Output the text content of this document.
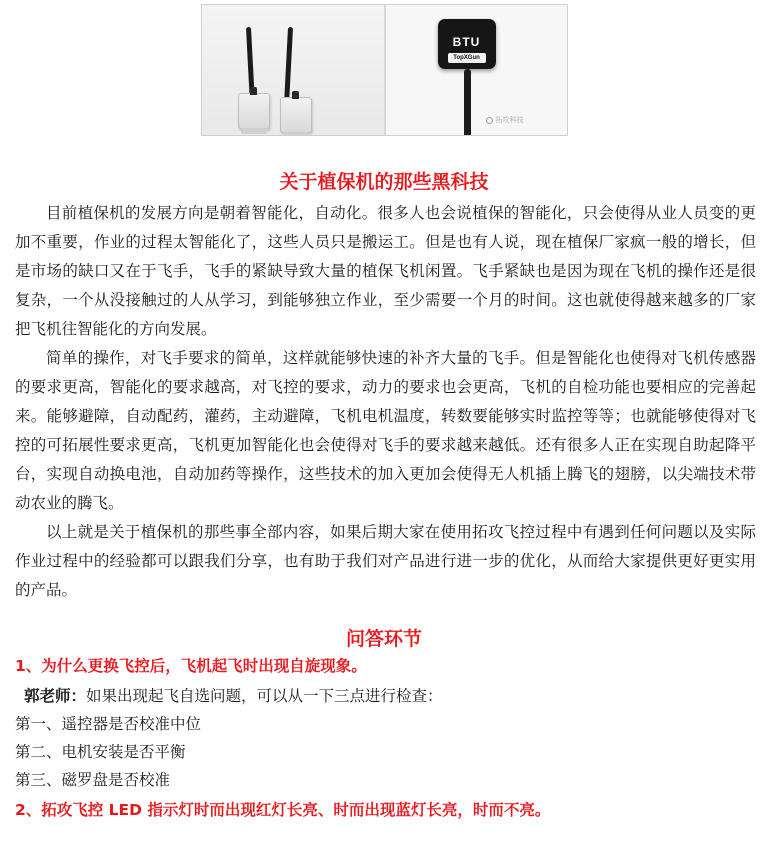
BTU
TopXGun
拓攻科技
关于植保机的那些黑科技

目前植保机的发展方向是朝着智能化，自动化。很多人也会说植保的智能化，只会使得从业人员变的更加不重要，作业的过程太智能化了，这些人员只是搬运工。但是也有人说，现在植保厂家疯一般的增长，但是市场的缺口又在于飞手，飞手的紧缺导致大量的植保飞机闲置。飞手紧缺也是因为现在飞机的操作还是很复杂，一个从没接触过的人从学习，到能够独立作业，至少需要一个月的时间。这也就使得越来越多的厂家把飞机往智能化的方向发展。

简单的操作，对飞手要求的简单，这样就能够快速的补齐大量的飞手。但是智能化也使得对飞机传感器的要求更高，智能化的要求越高，对飞控的要求，动力的要求也会更高，飞机的自检功能也要相应的完善起来。能够避障，自动配药，灌药，主动避障，飞机电机温度，转数要能够实时监控等等；也就能够使得对飞控的可拓展性要求更高，飞机更加智能化也会使得对飞手的要求越来越低。还有很多人正在实现自助起降平台，实现自动换电池，自动加药等操作，这些技术的加入更加会使得无人机插上腾飞的翅膀，以尖端技术带动农业的腾飞。

以上就是关于植保机的那些事全部内容，如果后期大家在使用拓攻飞控过程中有遇到任何问题以及实际作业过程中的经验都可以跟我们分享，也有助于我们对产品进行进一步的优化，从而给大家提供更好更实用的产品。

问答环节
1、为什么更换飞控后，飞机起飞时出现自旋现象。
郭老师：如果出现起飞自选问题，可以从一下三点进行检查：
第一、遥控器是否校准中位
第二、电机安装是否平衡
第三、磁罗盘是否校准
2、拓攻飞控 LED 指示灯时而出现红灯长亮、时而出现蓝灯长亮，时而不亮。
